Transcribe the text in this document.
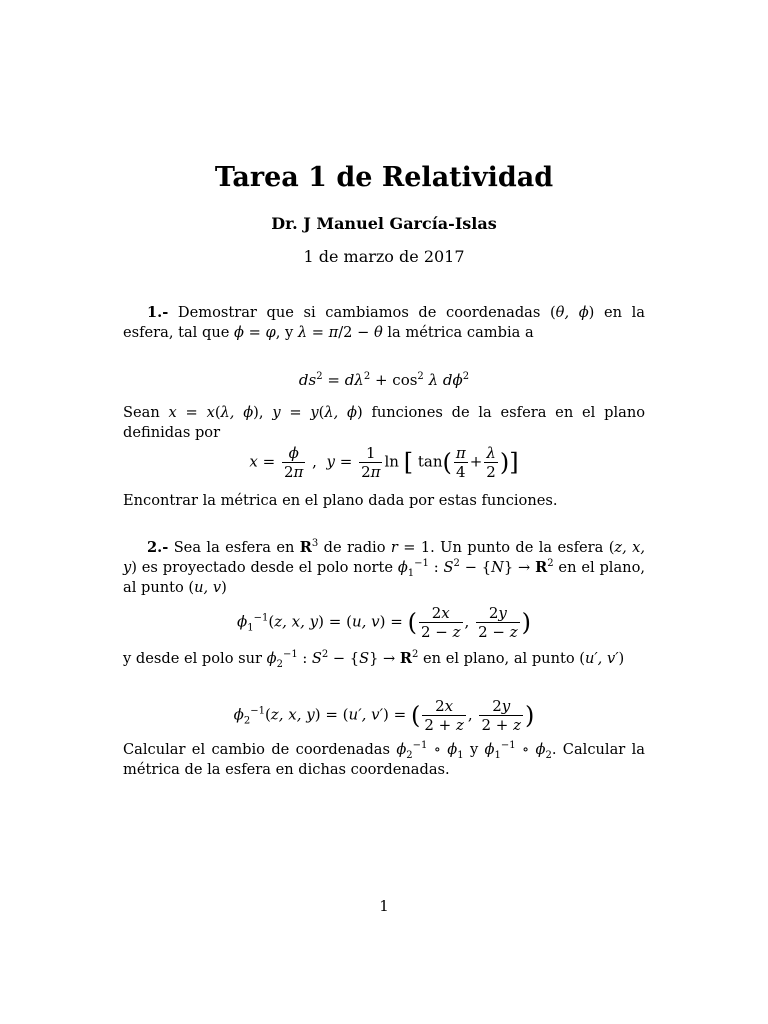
Tarea 1 de Relatividad
Dr. J Manuel García-Islas
1 de marzo de 2017
1.- Demostrar que si cambiamos de coordenadas (θ, ϕ) en la esfera, tal que ϕ = φ, y λ = π/2 − θ la métrica cambia a
$ds^2 = d\lambda^2 + \cos^2 \lambda$ $d\phi^2$
Sean x = x(λ, ϕ), y = y(λ, ϕ) funciones de la esfera en el plano definidas por
$x = \frac{\phi}{2\pi}$ ,  $y = \frac{1}{2\pi}$ ln [ $\tan( \frac{\pi}{4} + \frac{\lambda}{2}$ )]
Encontrar la métrica en el plano dada por estas funciones.
2.- Sea la esfera en $R^3$ de radio r = 1. Un punto de la esfera (z, x, y) es proyectado desde el polo norte $\phi_1^{-1}$ : $S^2 - \{N\} \to R^2$ en el plano, al punto (u, v)
$\phi_1^{-1}(z$, x, y) = (u, v) = ( $\frac{2x}{2 - z}$ , $\frac{2y}{2 - z}$ )
y desde el polo sur $\phi_2^{-1}$ : $S^2 - \{S\} \to R^2$ en el plano, al punto (u′, v′)
$\phi_2^{-1}(z$, x, y) = (u′, v′) = ( $\frac{2x}{2 + z}$ , $\frac{2y}{2 + z}$ )
Calcular el cambio de coordenadas $\phi_2^{-1}$ ∘ $\phi_1$ y $\phi_1^{-1}$ ∘ $\phi_2$. Calcular la métrica de la esfera en dichas coordenadas.
1
